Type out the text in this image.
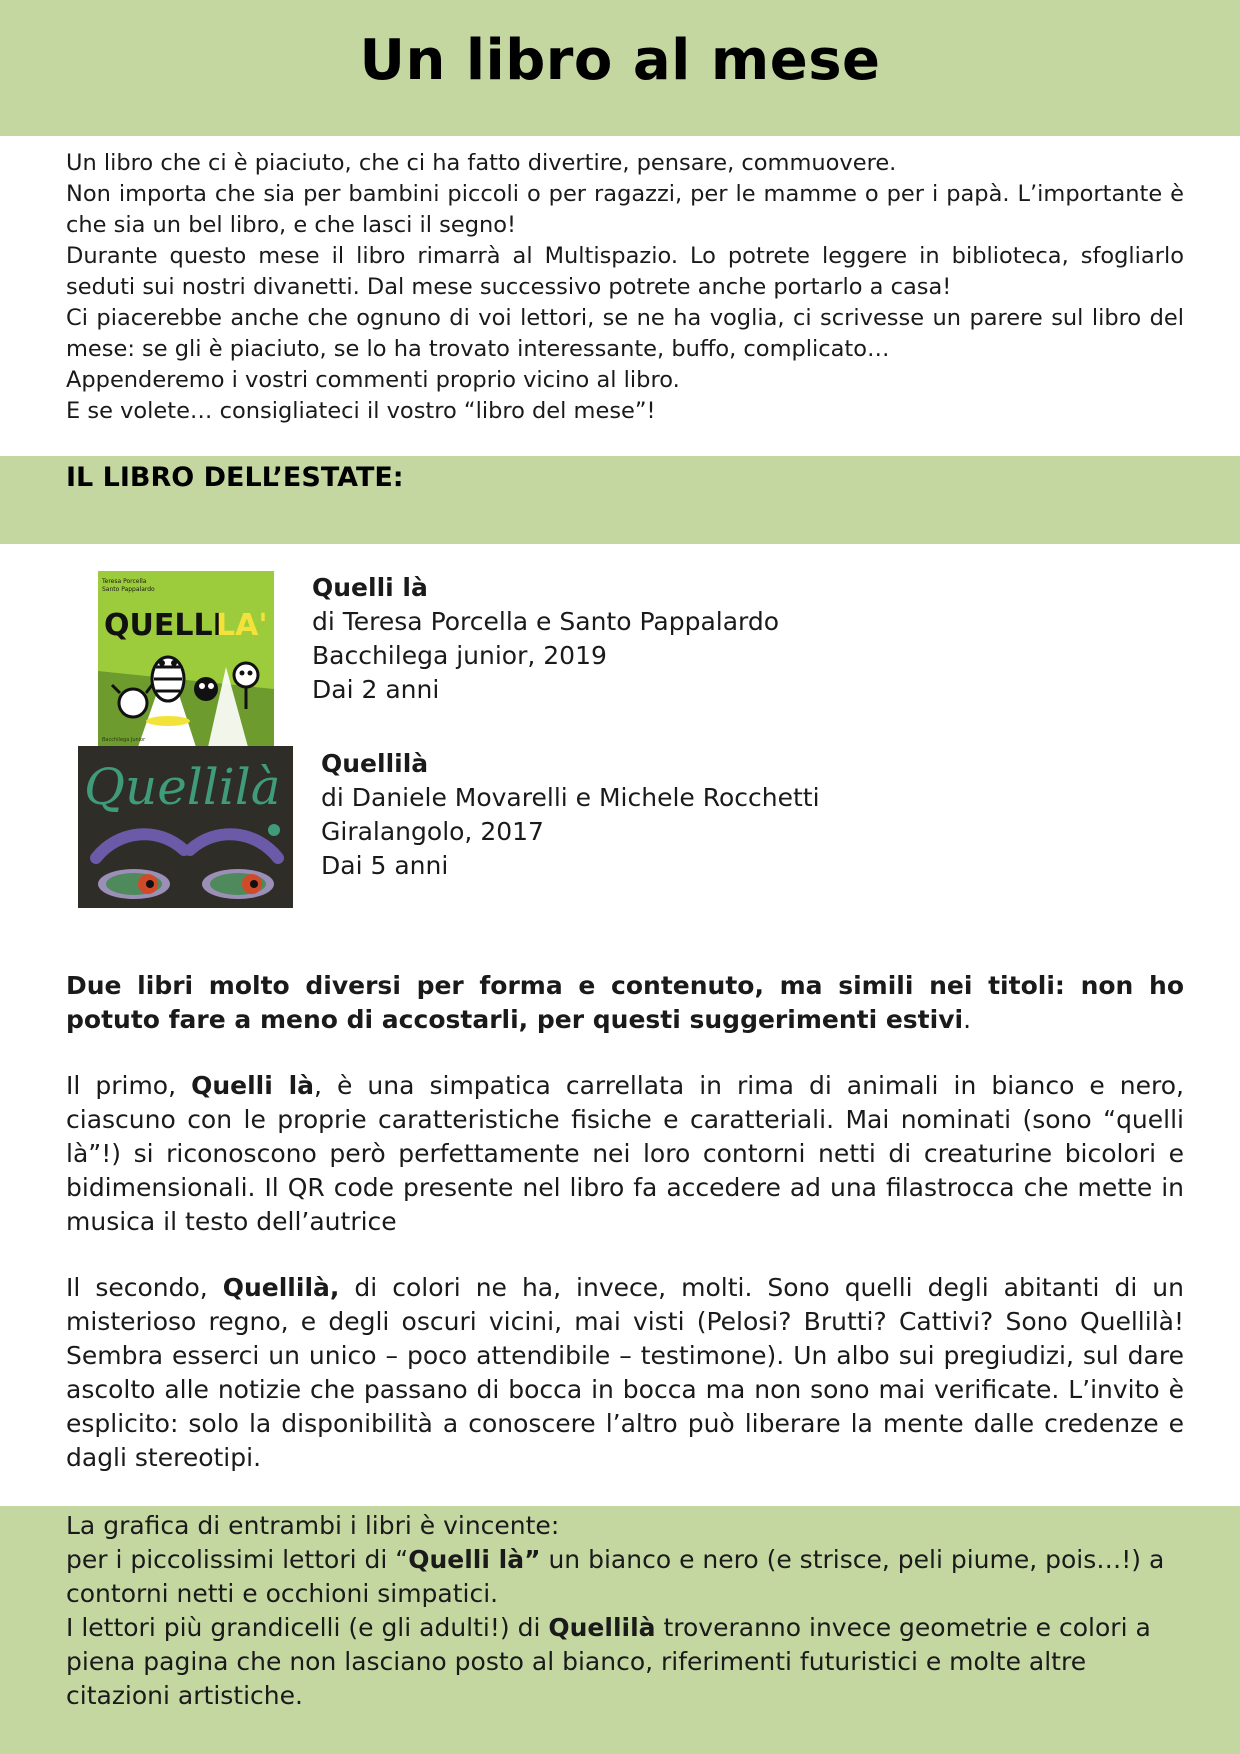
Un libro al mese

Un libro che ci è piaciuto, che ci ha fatto divertire, pensare, commuovere.

Non importa che sia per bambini piccoli o per ragazzi, per le mamme o per i papà. L’importante è che sia un bel libro, e che lasci il segno!

Durante questo mese il libro rimarrà al Multispazio. Lo potrete leggere in biblioteca, sfogliarlo seduti sui nostri divanetti. Dal mese successivo potrete anche portarlo a casa!

Ci piacerebbe anche che ognuno di voi lettori, se ne ha voglia, ci scrivesse un parere sul libro del mese: se gli è piaciuto, se lo ha trovato interessante, buffo, complicato…

Appenderemo i vostri commenti proprio vicino al libro.

E se volete… consigliateci il vostro “libro del mese”!

IL LIBRO DELL’ESTATE:
Teresa Porcella
Santo Pappalardo
QUELLI
LA'
Bacchilega Junior
Quelli là
di Teresa Porcella e Santo Pappalardo
Bacchilega junior, 2019
Dai 2 anni
Quellilà Quellilà
di Daniele Movarelli e Michele Rocchetti
Giralangolo, 2017
Dai 5 anni

Due libri molto diversi per forma e contenuto, ma simili nei titoli: non ho potuto fare a meno di accostarli, per questi suggerimenti estivi.

Il primo, Quelli là, è una simpatica carrellata in rima di animali in bianco e nero, ciascuno con le proprie caratteristiche fisiche e caratteriali. Mai nominati (sono “quelli là”!) si riconoscono però perfettamente nei loro contorni netti di creaturine bicolori e bidimensionali. Il QR code presente nel libro fa accedere ad una filastrocca che mette in musica il testo dell’autrice

Il secondo, Quellilà, di colori ne ha, invece, molti. Sono quelli degli abitanti di un misterioso regno, e degli oscuri vicini, mai visti (Pelosi? Brutti? Cattivi? Sono Quellilà! Sembra esserci un unico – poco attendibile – testimone). Un albo sui pregiudizi, sul dare ascolto alle notizie che passano di bocca in bocca ma non sono mai verificate. L’invito è esplicito: solo la disponibilità a conoscere l’altro può liberare la mente dalle credenze e dagli stereotipi.

La grafica di entrambi i libri è vincente:

per i piccolissimi lettori di “Quelli là” un bianco e nero (e strisce, peli piume, pois…!) a contorni netti e occhioni simpatici.

I lettori più grandicelli (e gli adulti!) di Quellilà troveranno invece geometrie e colori a piena pagina che non lasciano posto al bianco, riferimenti futuristici e molte altre citazioni artistiche.
